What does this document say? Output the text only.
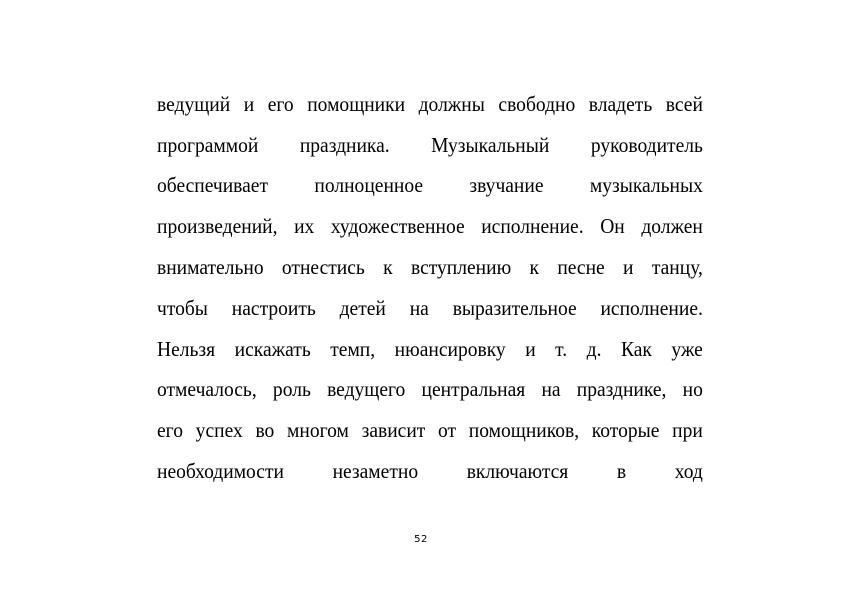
ведущий и его помощники должны свободно владеть всей
программой праздника. Музыкальный руководитель
обеспечивает полноценное звучание музыкальных
произведений, их художественное исполнение. Он должен
внимательно отнестись к вступлению к песне и танцу,
чтобы настроить детей на выразительное исполнение.
Нельзя искажать темп, нюансировку и т. д. Как уже
отмечалось, роль ведущего центральная на празднике, но
его успех во многом зависит от помощников, которые при
необходимости незаметно включаются в ход
52
